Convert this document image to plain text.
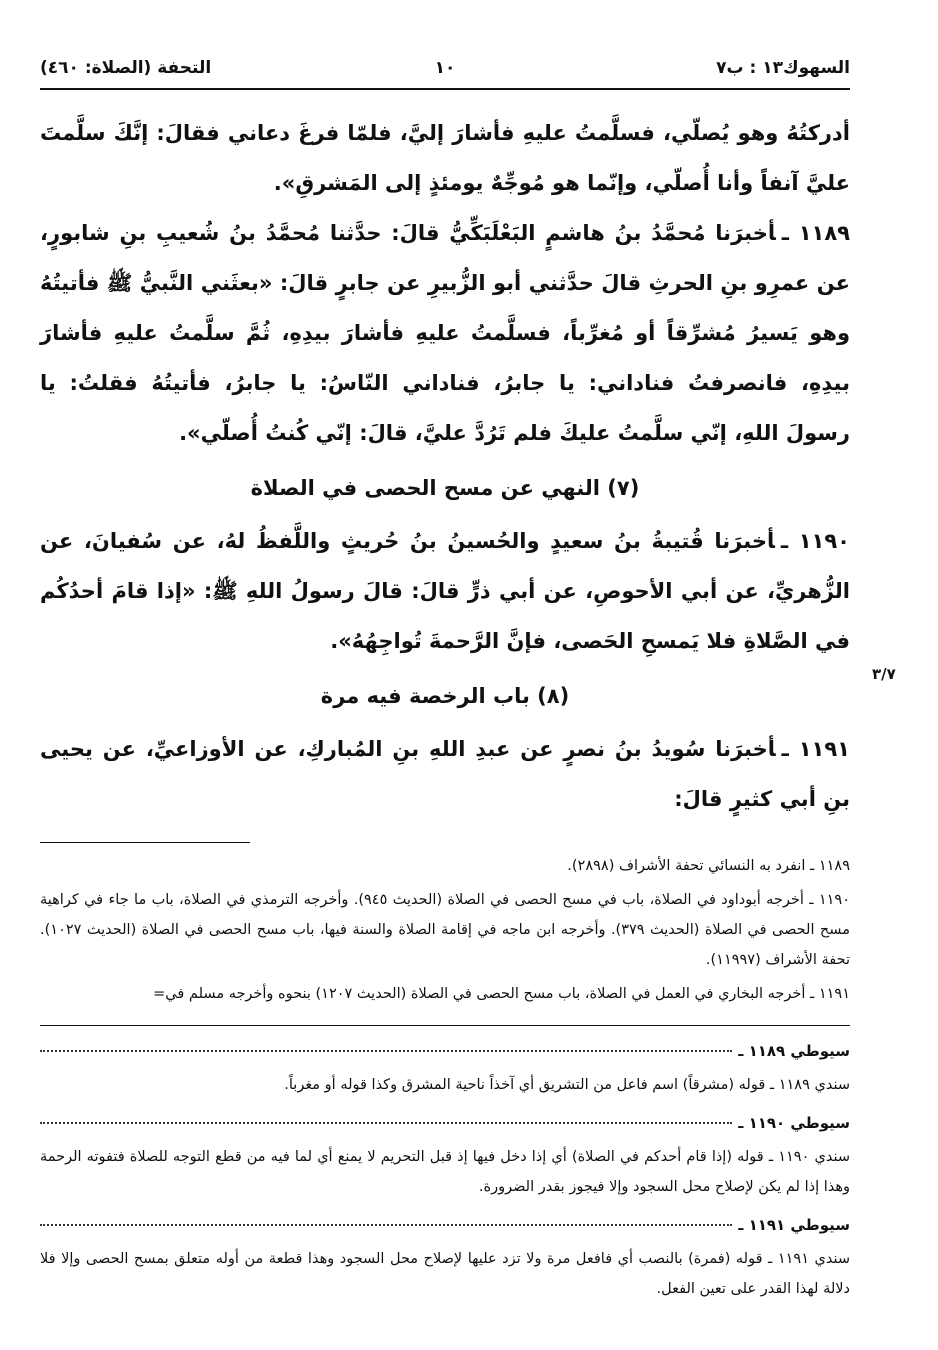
٣/٧
السهوك١٣ : ب٧
١٠
التحفة (الصلاة: ٤٦٠)

أدركتُهُ وهو يُصلّي، فسلَّمتُ عليهِ فأشارَ إليَّ، فلمّا فرغَ دعاني فقالَ: إنَّكَ سلَّمتَ عليَّ آنفاً وأنا أُصلّي، وإنّما هو مُوجِّهٌ يومئذٍ إلى المَشرقِ».

١١٨٩ ـأخبرَنا مُحمَّدُ بنُ هاشمٍ البَعْلَبَكِّيُّ قالَ: حدَّثنا مُحمَّدُ بنُ شُعيبِ بنِ شابورٍ، عن عمرِو بنِ الحرثِ قالَ حدَّثني أبو الزُّبيرِ عن جابرٍ قالَ: «بعثَني النَّبيُّ ﷺ فأتيتُهُ وهو يَسيرُ مُشرِّقاً أو مُغرِّباً، فسلَّمتُ عليهِ فأشارَ بيدِهِ، ثُمَّ سلَّمتُ عليهِ فأشارَ بيدِهِ، فانصرفتُ فناداني: يا جابرُ، فناداني النّاسُ: يا جابرُ، فأتيتُهُ فقلتُ: يا رسولَ اللهِ، إنّي سلَّمتُ عليكَ فلم تَرُدَّ عليَّ، قالَ: إنّي كُنتُ أُصلّي».

(٧) النهي عن مسح الحصى في الصلاة

١١٩٠ ـأخبرَنا قُتيبةُ بنُ سعيدٍ والحُسينُ بنُ حُريثٍ واللَّفظُ لهُ، عن سُفيانَ، عن الزُّهريِّ، عن أبي الأحوصِ، عن أبي ذرٍّ قالَ: قالَ رسولُ اللهِ ﷺ: «إذا قامَ أحدُكُم في الصَّلاةِ فلا يَمسحِ الحَصى، فإنَّ الرَّحمةَ تُواجِهُهُ».

(٨) باب الرخصة فيه مرة

١١٩١ ـأخبرَنا سُويدُ بنُ نصرٍ عن عبدِ اللهِ بنِ المُباركِ، عن الأوزاعيِّ، عن يحيى بنِ أبي كثيرٍ قالَ:

١١٨٩ ـ انفرد به النسائي تحفة الأشراف (٢٨٩٨).

١١٩٠ ـ أخرجه أبوداود في الصلاة، باب في مسح الحصى في الصلاة (الحديث ٩٤٥). وأخرجه الترمذي في الصلاة، باب ما جاء في كراهية مسح الحصى في الصلاة (الحديث ٣٧٩). وأخرجه ابن ماجه في إقامة الصلاة والسنة فيها، باب مسح الحصى في الصلاة (الحديث ١٠٢٧). تحفة الأشراف (١١٩٩٧).

١١٩١ ـ أخرجه البخاري في العمل في الصلاة، باب مسح الحصى في الصلاة (الحديث ١٢٠٧) بنحوه وأخرجه مسلم في=

سيوطي ١١٨٩ ـ

سندي ١١٨٩ ـ قوله (مشرقاً) اسم فاعل من التشريق أي آخذاً ناحية المشرق وكذا قوله أو مغرباً.

سيوطي ١١٩٠ ـ

سندي ١١٩٠ ـ قوله (إذا قام أحدكم في الصلاة) أي إذا دخل فيها إذ قبل التحريم لا يمنع أي لما فيه من قطع التوجه للصلاة فتفوته الرحمة وهذا إذا لم يكن لإصلاح محل السجود وإلا فيجوز بقدر الضرورة.

سيوطي ١١٩١ ـ

سندي ١١٩١ ـ قوله (فمرة) بالنصب أي فافعل مرة ولا تزد عليها لإصلاح محل السجود وهذا قطعة من أوله متعلق بمسح الحصى وإلا فلا دلالة لهذا القدر على تعين الفعل.
